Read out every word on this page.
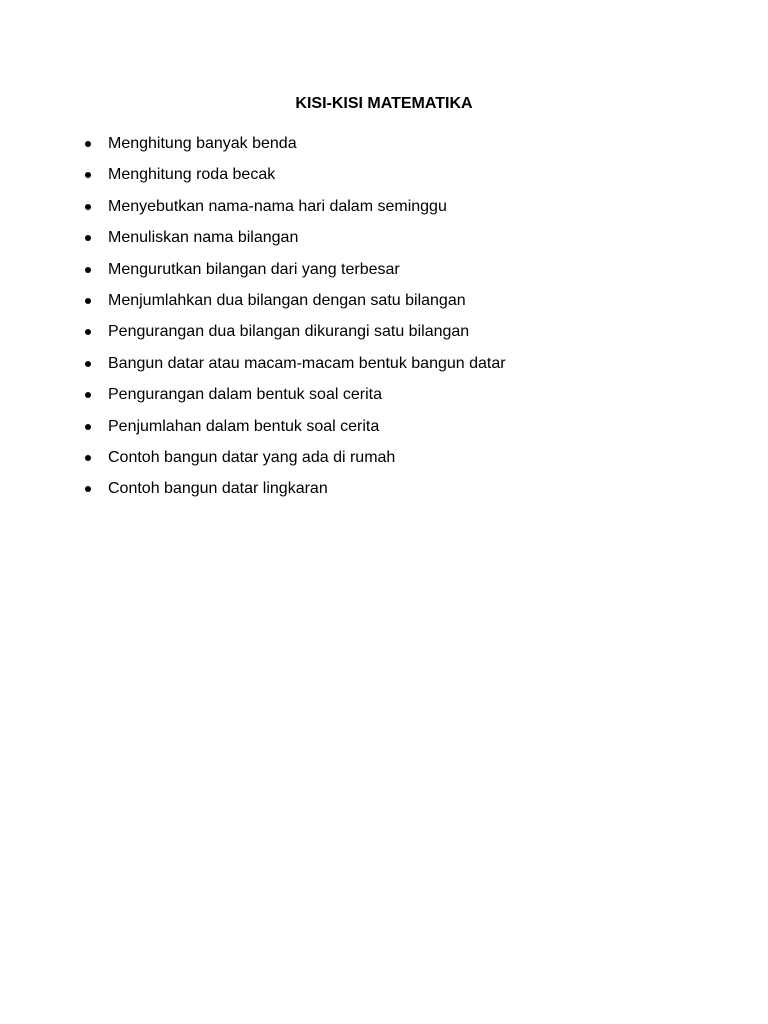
KISI-KISI MATEMATIKA
Menghitung banyak benda
Menghitung roda becak
Menyebutkan nama-nama hari dalam seminggu
Menuliskan nama bilangan
Mengurutkan bilangan dari yang terbesar
Menjumlahkan dua bilangan dengan satu bilangan
Pengurangan dua bilangan dikurangi satu bilangan
Bangun datar atau macam-macam bentuk bangun datar
Pengurangan dalam bentuk soal cerita
Penjumlahan dalam bentuk soal cerita
Contoh bangun datar yang ada di rumah
Contoh bangun datar lingkaran
